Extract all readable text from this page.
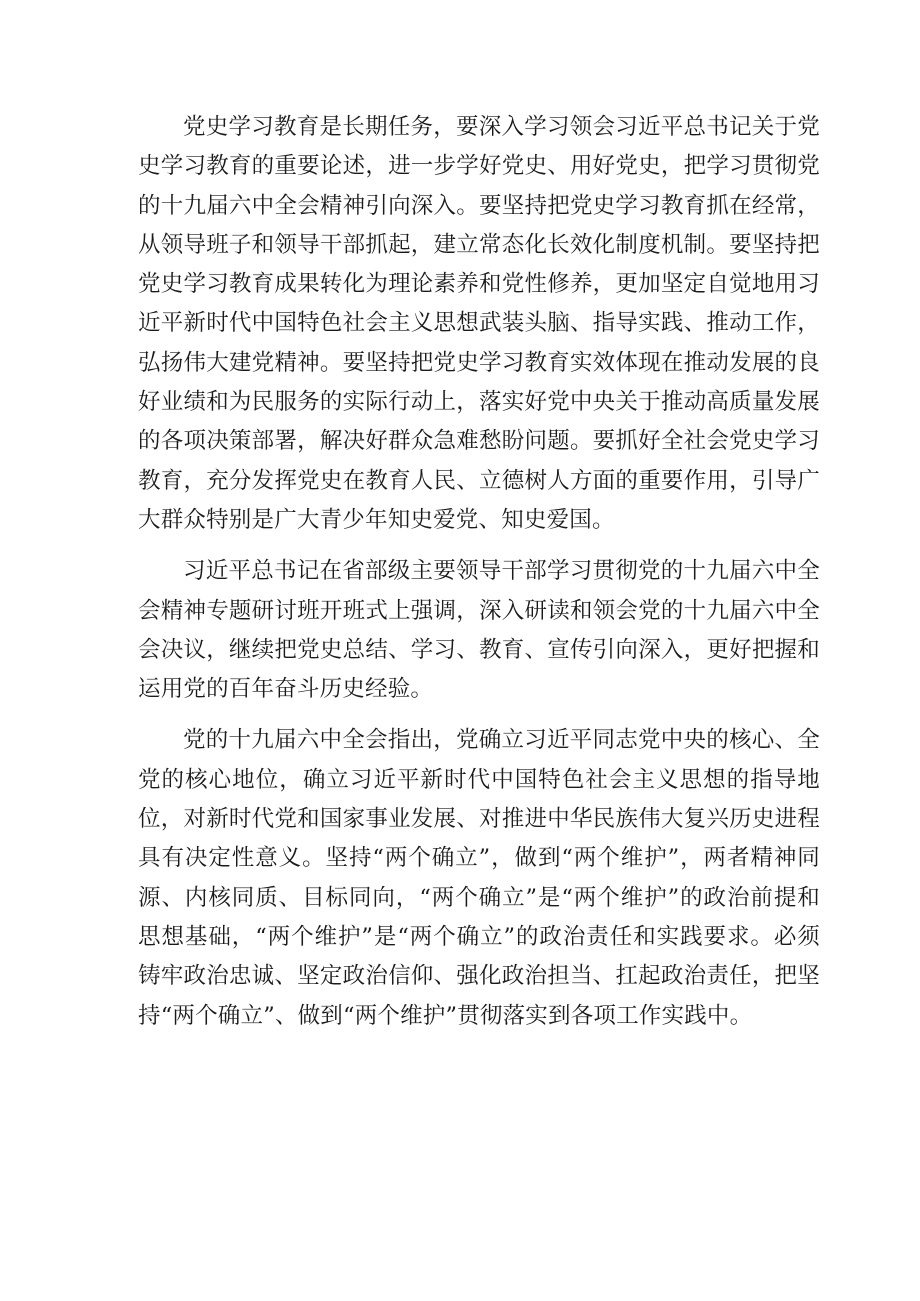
党史学习教育是长期任务，要深入学习领会习近平总书记关于党史学习教育的重要论述，进一步学好党史、用好党史，把学习贯彻党的十九届六中全会精神引向深入。要坚持把党史学习教育抓在经常，从领导班子和领导干部抓起，建立常态化长效化制度机制。要坚持把党史学习教育成果转化为理论素养和党性修养，更加坚定自觉地用习近平新时代中国特色社会主义思想武装头脑、指导实践、推动工作，弘扬伟大建党精神。要坚持把党史学习教育实效体现在推动发展的良好业绩和为民服务的实际行动上，落实好党中央关于推动高质量发展的各项决策部署，解决好群众急难愁盼问题。要抓好全社会党史学习教育，充分发挥党史在教育人民、立德树人方面的重要作用，引导广大群众特别是广大青少年知史爱党、知史爱国。

习近平总书记在省部级主要领导干部学习贯彻党的十九届六中全会精神专题研讨班开班式上强调，深入研读和领会党的十九届六中全会决议，继续把党史总结、学习、教育、宣传引向深入，更好把握和运用党的百年奋斗历史经验。

党的十九届六中全会指出，党确立习近平同志党中央的核心、全党的核心地位，确立习近平新时代中国特色社会主义思想的指导地位，对新时代党和国家事业发展、对推进中华民族伟大复兴历史进程具有决定性意义。坚持“两个确立”，做到“两个维护”，两者精神同源、内核同质、目标同向，“两个确立”是“两个维护”的政治前提和思想基础，“两个维护”是“两个确立”的政治责任和实践要求。必须铸牢政治忠诚、坚定政治信仰、强化政治担当、扛起政治责任，把坚持“两个确立”、做到“两个维护”贯彻落实到各项工作实践中。
